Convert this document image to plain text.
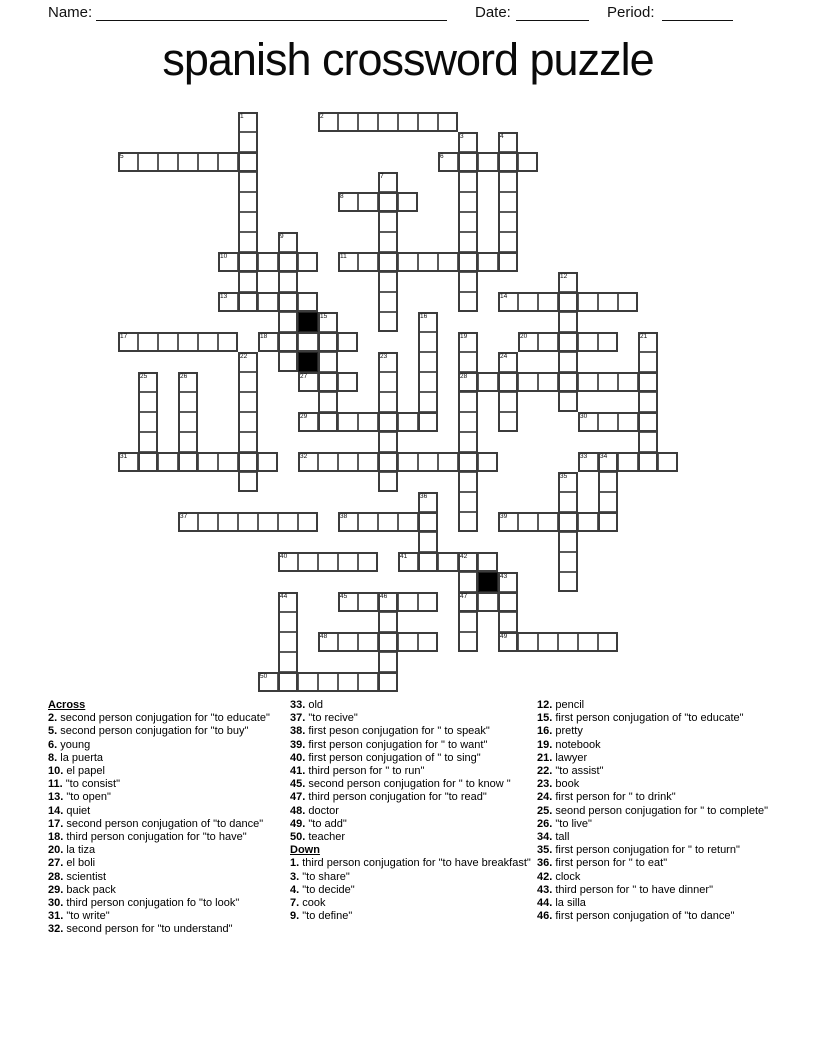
Name:	Date:	Period:
spanish crossword puzzle
2
5	6
8
10	11
13	14
17	18	20
27	28
29	30
31	32	33 34
37	38	39
40	41	42
45	46	47
48	49
50
1
3	4
7
9
12
15	16
19	21
22	23	24
25	26
35
36
43
44
Across
2. second person conjugation for "to educate"
5. second person conjugation for "to buy"
6. young
8. la puerta
10. el papel
11. "to consist"
13. "to open"
14. quiet
17. second person conjugation of "to dance"
18. third person conjugation for "to have"
20. la tiza
27. el boli
28. scientist
29. back pack
30. third person conjugation fo "to look"
31. "to write"
32. second person for "to understand"
33. old
37. "to recive"
38. first peson conjugation for " to speak"
39. first person conjugation for " to want"
40. first person conjugation of " to sing"
41. third person for " to run"
45. second person conjugation for " to know "
47. third person conjugation for "to read"
48. doctor
49. "to add"
50. teacher
Down
1. third person conjugation for "to have breakfast"
3. "to share"
4. "to decide"
7. cook
9. "to define"
12. pencil
15. first person conjugation of "to educate"
16. pretty
19. notebook
21. lawyer
22. "to assist"
23. book
24. first person for " to drink"
25. seond person conjugation for " to complete"
26. "to live"
34. tall
35. first person conjugation for " to return"
36. first person for " to eat"
42. clock
43. third person for " to have dinner"
44. la silla
46. first person conjugation of "to dance"
